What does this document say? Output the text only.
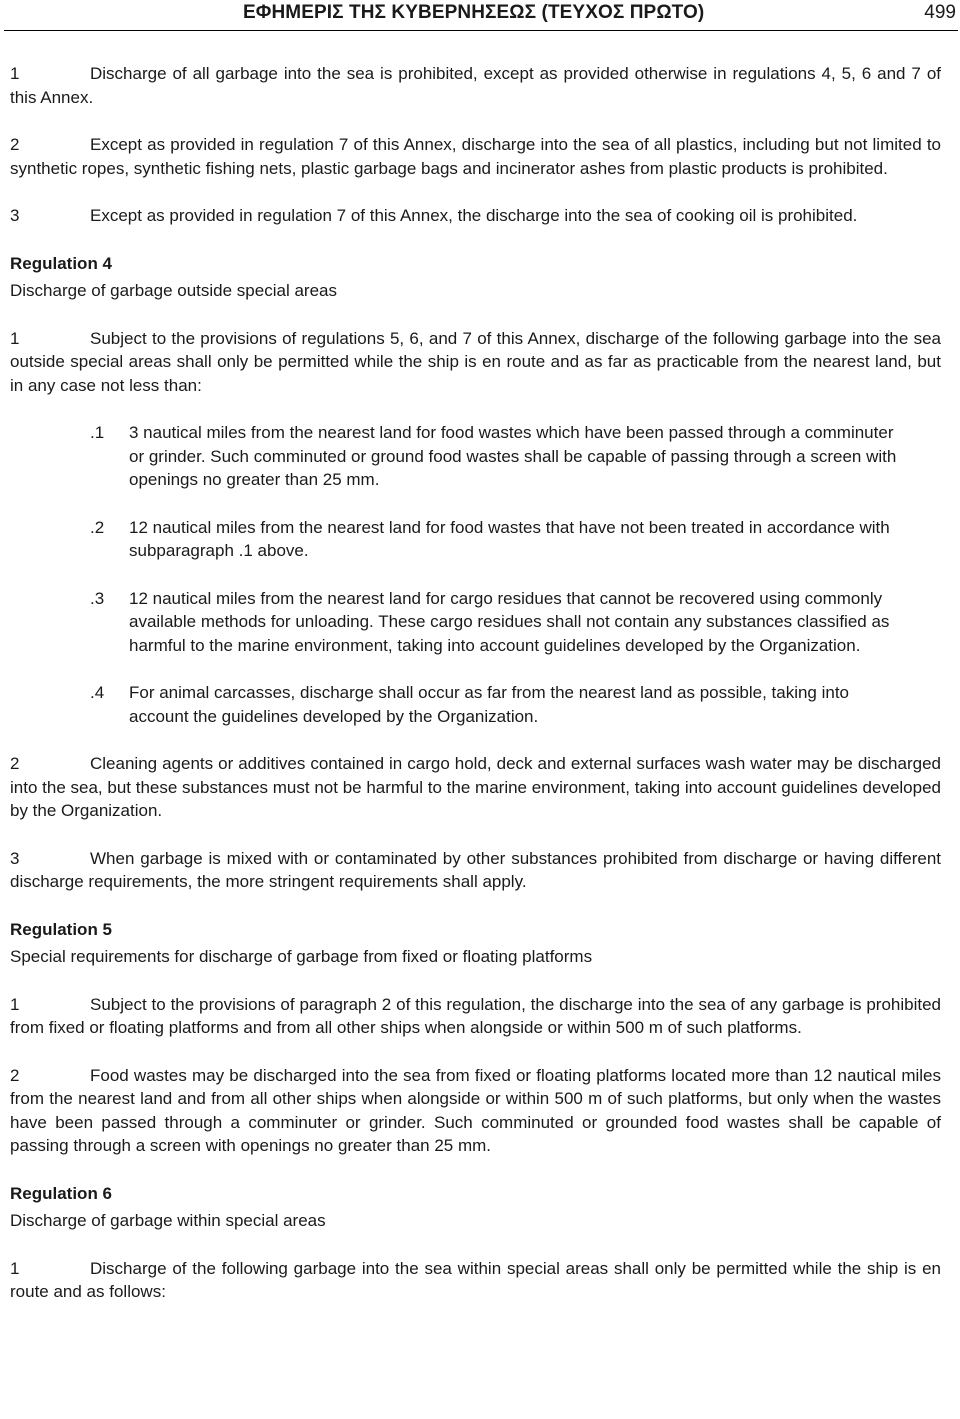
ΕΦΗΜΕΡΙΣ ΤΗΣ ΚΥΒΕΡΝΗΣΕΩΣ (ΤΕΥΧΟΣ ΠΡΩΤΟ)	499

1	Discharge of all garbage into the sea is prohibited, except as provided otherwise in regulations 4, 5, 6 and 7 of this Annex.

2	Except as provided in regulation 7 of this Annex, discharge into the sea of all plastics, including but not limited to synthetic ropes, synthetic fishing nets, plastic garbage bags and incinerator ashes from plastic products is prohibited.

3	Except as provided in regulation 7 of this Annex, the discharge into the sea of cooking oil is prohibited.

Regulation 4

Discharge of garbage outside special areas

1	Subject to the provisions of regulations 5, 6, and 7 of this Annex, discharge of the following garbage into the sea outside special areas shall only be permitted while the ship is en route and as far as practicable from the nearest land, but in any case not less than:

.1 3 nautical miles from the nearest land for food wastes which have been passed through a comminuter or grinder. Such comminuted or ground food wastes shall be capable of passing through a screen with openings no greater than 25 mm.

.2 12 nautical miles from the nearest land for food wastes that have not been treated in accordance with subparagraph .1 above.

.3 12 nautical miles from the nearest land for cargo residues that cannot be recovered using commonly available methods for unloading. These cargo residues shall not contain any substances classified as harmful to the marine environment, taking into account guidelines developed by the Organization.

.4 For animal carcasses, discharge shall occur as far from the nearest land as possible, taking into account the guidelines developed by the Organization.

2	Cleaning agents or additives contained in cargo hold, deck and external surfaces wash water may be discharged into the sea, but these substances must not be harmful to the marine environment, taking into account guidelines developed by the Organization.

3	When garbage is mixed with or contaminated by other substances prohibited from discharge or having different discharge requirements, the more stringent requirements shall apply.

Regulation 5

Special requirements for discharge of garbage from fixed or floating platforms

1	Subject to the provisions of paragraph 2 of this regulation, the discharge into the sea of any garbage is prohibited from fixed or floating platforms and from all other ships when alongside or within 500 m of such platforms.

2	Food wastes may be discharged into the sea from fixed or floating platforms located more than 12 nautical miles from the nearest land and from all other ships when alongside or within 500 m of such platforms, but only when the wastes have been passed through a comminuter or grinder. Such comminuted or grounded food wastes shall be capable of passing through a screen with openings no greater than 25 mm.

Regulation 6

Discharge of garbage within special areas

1	Discharge of the following garbage into the sea within special areas shall only be permitted while the ship is en route and as follows:
